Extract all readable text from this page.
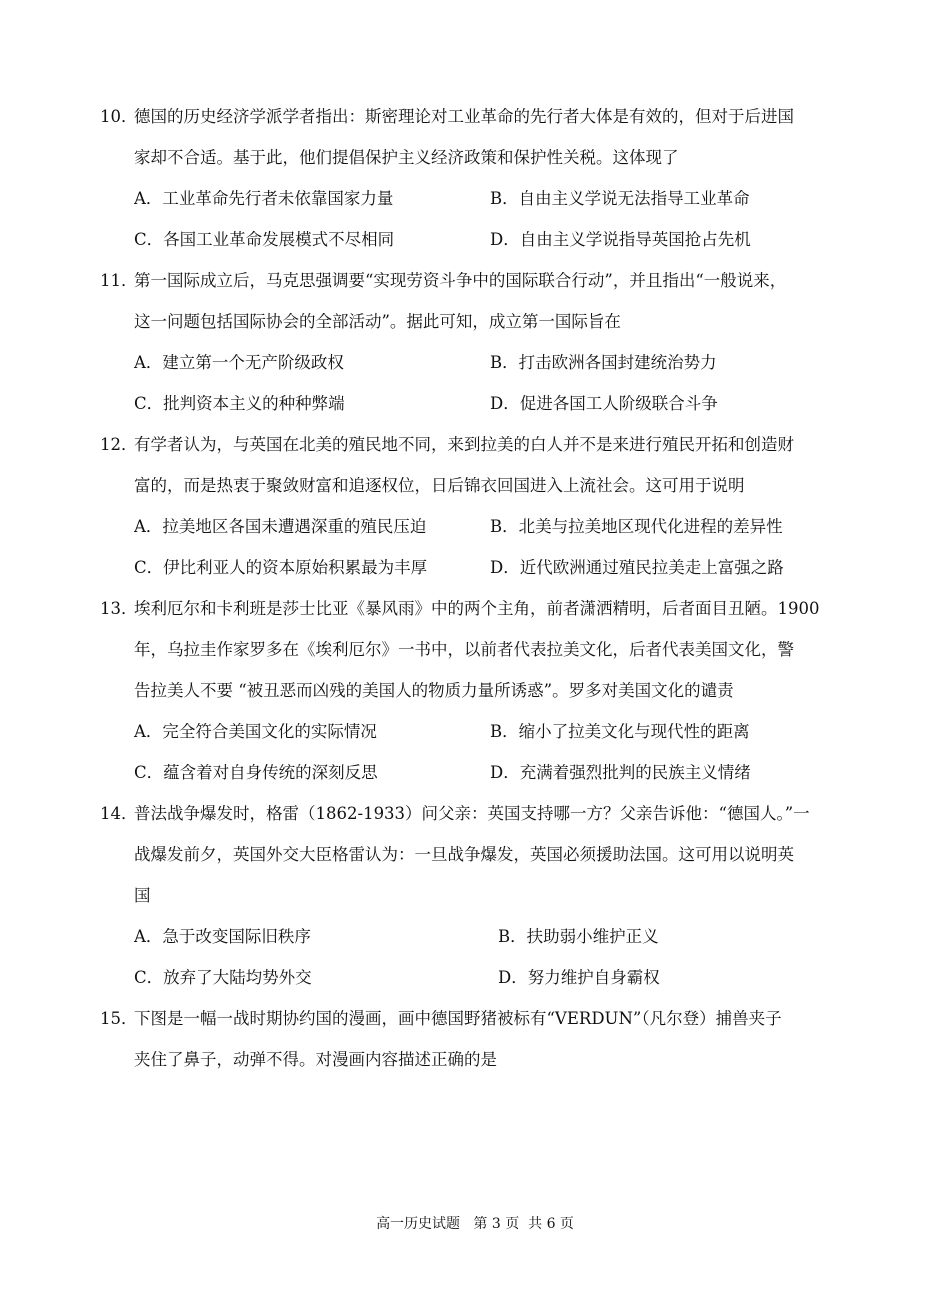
10．
德国的历史经济学派学者指出：斯密理论对工业革命的先行者大体是有效的，但对于后进国
家却不合适。基于此，他们提倡保护主义经济政策和保护性关税。这体现了
A．工业革命先行者未依靠国家力量	B．自由主义学说无法指导工业革命
C．各国工业革命发展模式不尽相同	D．自由主义学说指导英国抢占先机
11．
第一国际成立后，马克思强调要“实现劳资斗争中的国际联合行动”，并且指出“一般说来，
这一问题包括国际协会的全部活动”。据此可知，成立第一国际旨在
A．建立第一个无产阶级政权	B．打击欧洲各国封建统治势力
C．批判资本主义的种种弊端	D．促进各国工人阶级联合斗争
12．
有学者认为，与英国在北美的殖民地不同，来到拉美的白人并不是来进行殖民开拓和创造财
富的，而是热衷于聚敛财富和追逐权位，日后锦衣回国进入上流社会。这可用于说明
A．拉美地区各国未遭遇深重的殖民压迫	B．北美与拉美地区现代化进程的差异性
C．伊比利亚人的资本原始积累最为丰厚	D．近代欧洲通过殖民拉美走上富强之路
13．
埃利厄尔和卡利班是莎士比亚《暴风雨》中的两个主角，前者潇洒精明，后者面目丑陋。1900
年，乌拉圭作家罗多在《埃利厄尔》一书中，以前者代表拉美文化，后者代表美国文化，警
告拉美人不要 “被丑恶而凶残的美国人的物质力量所诱惑”。罗多对美国文化的谴责
A．完全符合美国文化的实际情况	B．缩小了拉美文化与现代性的距离
C．蕴含着对自身传统的深刻反思	D．充满着强烈批判的民族主义情绪
14．
普法战争爆发时，格雷（1862-1933）问父亲：英国支持哪一方？父亲告诉他：“德国人。”一
战爆发前夕，英国外交大臣格雷认为：一旦战争爆发，英国必须援助法国。这可用以说明英
国
A．急于改变国际旧秩序	B．扶助弱小维护正义
C．放弃了大陆均势外交	D．努力维护自身霸权
15．
下图是一幅一战时期协约国的漫画，画中德国野猪被标有“VERDUN”（凡尔登）捕兽夹子
夹住了鼻子，动弹不得。对漫画内容描述正确的是
高一历史试题   第 3 页  共 6 页
